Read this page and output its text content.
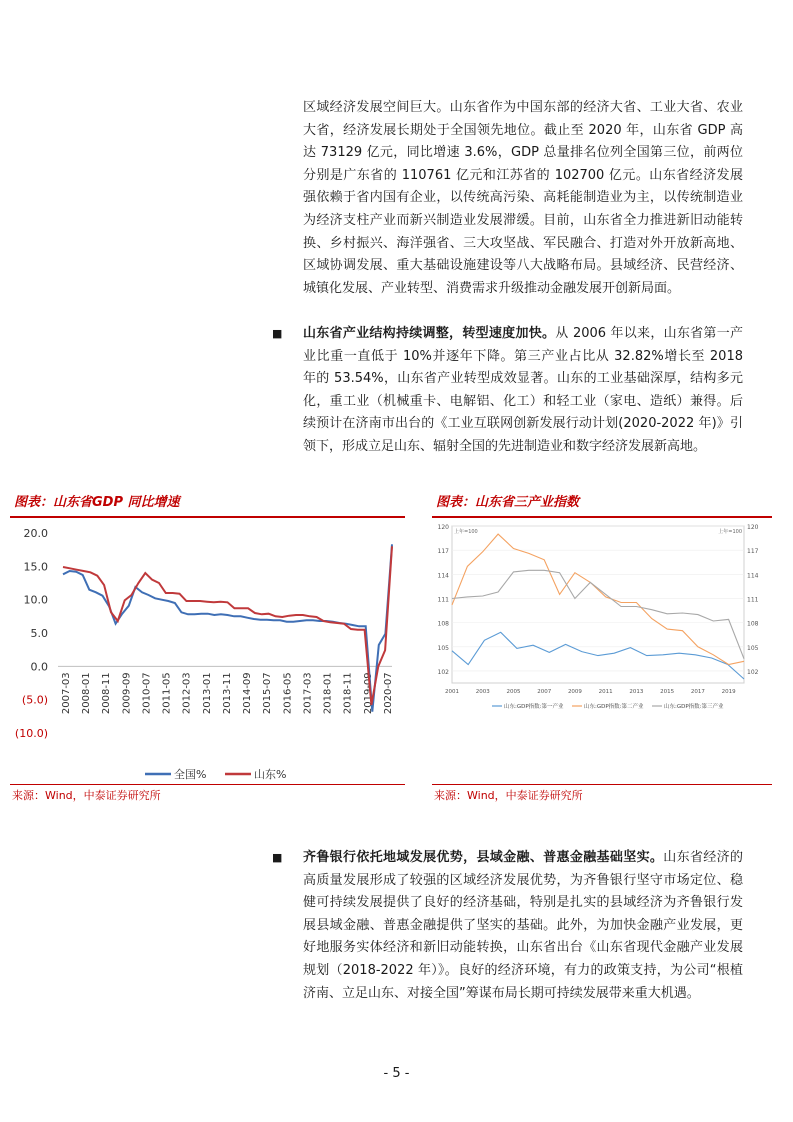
区域经济发展空间巨大。山东省作为中国东部的经济大省、工业大省、农业大省，经济发展长期处于全国领先地位。截止至 2020 年，山东省 GDP 高达 73129 亿元，同比增速 3.6%，GDP 总量排名位列全国第三位，前两位分别是广东省的 110761 亿元和江苏省的 102700 亿元。山东省经济发展强依赖于省内国有企业，以传统高污染、高耗能制造业为主，以传统制造业为经济支柱产业而新兴制造业发展滞缓。目前，山东省全力推进新旧动能转换、乡村振兴、海洋强省、三大攻坚战、军民融合、打造对外开放新高地、区域协调发展、重大基础设施建设等八大战略布局。县域经济、民营经济、城镇化发展、产业转型、消费需求升级推动金融发展开创新局面。

■ 山东省产业结构持续调整，转型速度加快。从 2006 年以来，山东省第一产业比重一直低于 10%并逐年下降。第三产业占比从 32.82%增长至 2018 年的 53.54%，山东省产业转型成效显著。山东的工业基础深厚，结构多元化，重工业（机械重卡、电解铝、化工）和轻工业（家电、造纸）兼得。后续预计在济南市出台的《工业互联网创新发展行动计划(2020-2022 年)》引领下，形成立足山东、辐射全国的先进制造业和数字经济发展新高地。

图表：山东省GDP 同比增速
20.0
15.0
10.0
5.0
0.0
(5.0)
(10.0)
2007-03 2008-01 2008-11 2009-09 2010-07 2011-05 2012-03 2013-01 2013-11 2014-09 2015-07 2016-05 2017-03 2018-01 2018-11 2019-09 2020-07
全国%	山东%
来源：Wind，中泰证券研究所
图表：山东省三产业指数
上年=100	上年=100
120	120
117	117
114	114
111	111
108	108
105	105
102	102
2001	2003	2005	2007	2009	2011	2013	2015	2017	2019
山东:GDP指数:第一产业	山东:GDP指数:第二产业	山东:GDP指数:第三产业
来源：Wind，中泰证券研究所
■ 齐鲁银行依托地域发展优势，县域金融、普惠金融基础坚实。山东省经济的高质量发展形成了较强的区域经济发展优势，为齐鲁银行坚守市场定位、稳健可持续发展提供了良好的经济基础，特别是扎实的县域经济为齐鲁银行发展县域金融、普惠金融提供了坚实的基础。此外，为加快金融产业发展，更好地服务实体经济和新旧动能转换，山东省出台《山东省现代金融产业发展规划（2018-2022 年）》。良好的经济环境，有力的政策支持，为公司“根植济南、立足山东、对接全国”筹谋布局长期可持续发展带来重大机遇。

- 5 -
